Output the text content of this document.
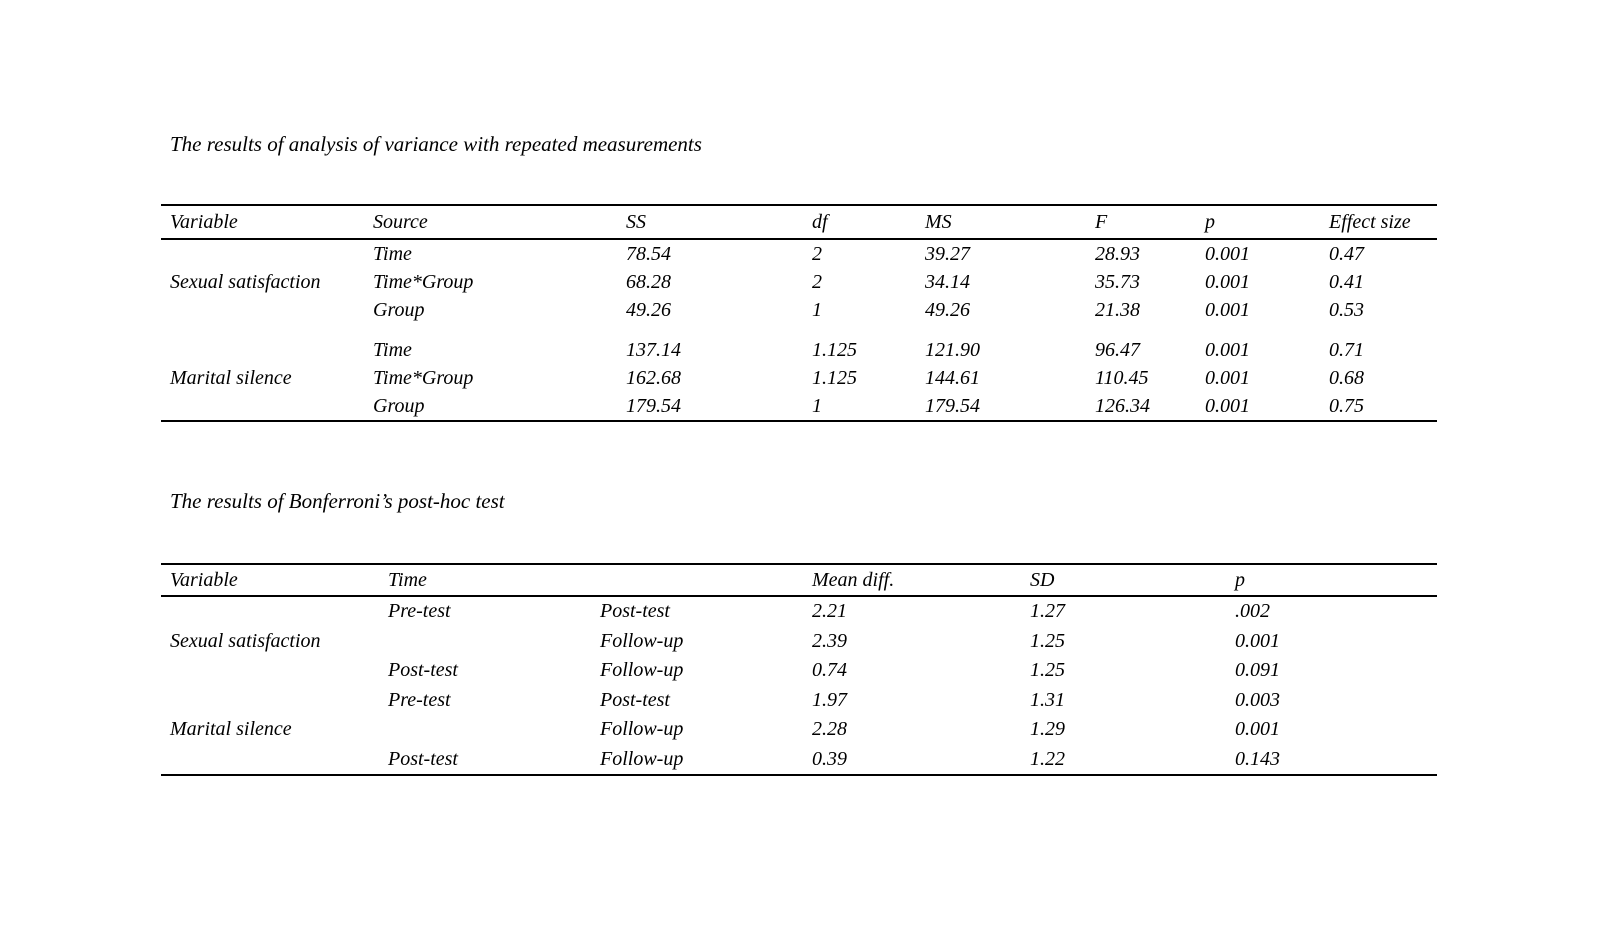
The results of analysis of variance with repeated measurements
Variable	Source	SS	df	MS	F	p	Effect size
Sexual satisfaction	Time	78.54	2	39.27	28.93	0.001	0.47
	Time*Group	68.28	2	34.14	35.73	0.001	0.41
	Group	49.26	1	49.26	21.38	0.001	0.53

Marital silence	Time	137.14	1.125	121.90	96.47	0.001	0.71
	Time*Group	162.68	1.125	144.61	110.45	0.001	0.68
	Group	179.54	1	179.54	126.34	0.001	0.75
The results of Bonferroni’s post-hoc test
Variable	Time		Mean diff.	SD	p
Sexual satisfaction	Pre-test	Post-test	2.21	1.27	.002
		Follow-up	2.39	1.25	0.001
	Post-test	Follow-up	0.74	1.25	0.091
Marital silence	Pre-test	Post-test	1.97	1.31	0.003
		Follow-up	2.28	1.29	0.001
	Post-test	Follow-up	0.39	1.22	0.143
